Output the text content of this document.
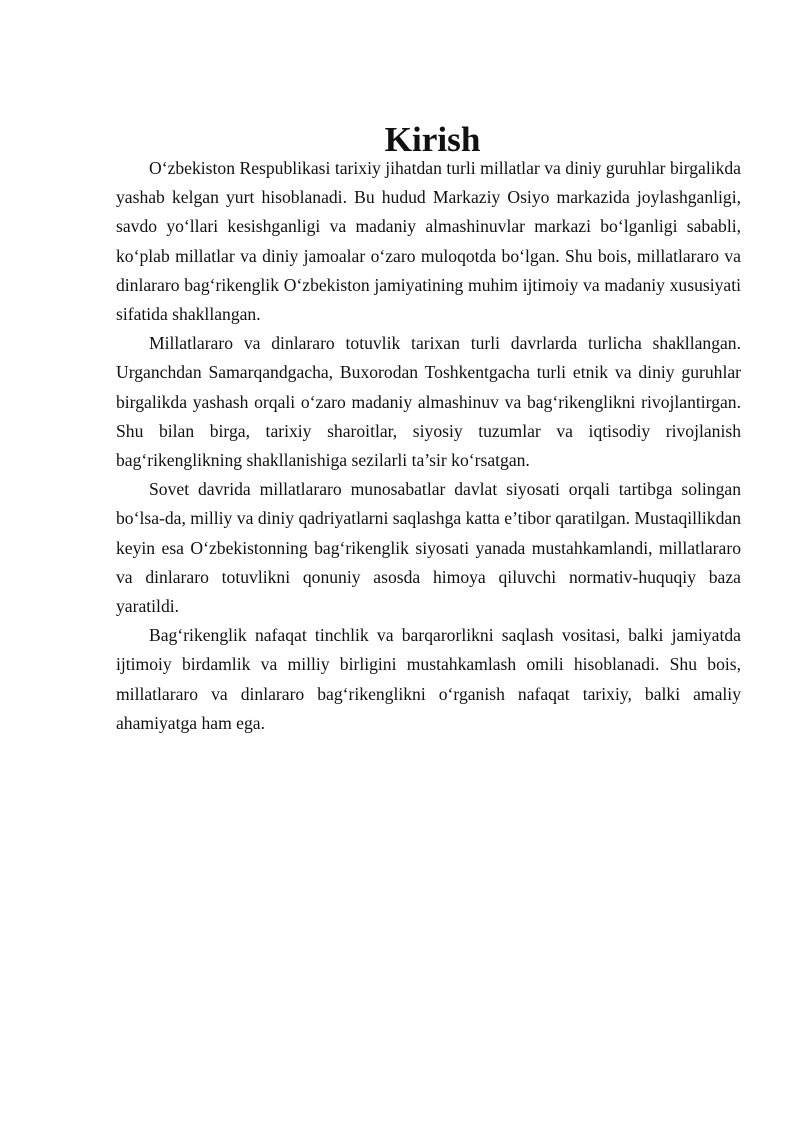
Kirish

O‘zbekiston Respublikasi tarixiy jihatdan turli millatlar va diniy guruhlar birgalikda yashab kelgan yurt hisoblanadi. Bu hudud Markaziy Osiyo markazida joylashganligi, savdo yo‘llari kesishganligi va madaniy almashinuvlar markazi bo‘lganligi sababli, ko‘plab millatlar va diniy jamoalar o‘zaro muloqotda bo‘lgan. Shu bois, millatlararo va dinlararo bag‘rikenglik O‘zbekiston jamiyatining muhim ijtimoiy va madaniy xususiyati sifatida shakllangan.

Millatlararo va dinlararo totuvlik tarixan turli davrlarda turlicha shakllangan. Urganchdan Samarqandgacha, Buxorodan Toshkentgacha turli etnik va diniy guruhlar birgalikda yashash orqali o‘zaro madaniy almashinuv va bag‘rikenglikni rivojlantirgan. Shu bilan birga, tarixiy sharoitlar, siyosiy tuzumlar va iqtisodiy rivojlanish bag‘rikenglikning shakllanishiga sezilarli ta’sir ko‘rsatgan.

Sovet davrida millatlararo munosabatlar davlat siyosati orqali tartibga solingan bo‘lsa-da, milliy va diniy qadriyatlarni saqlashga katta e’tibor qaratilgan. Mustaqillikdan keyin esa O‘zbekistonning bag‘rikenglik siyosati yanada mustahkamlandi, millatlararo va dinlararo totuvlikni qonuniy asosda himoya qiluvchi normativ-huquqiy baza yaratildi.

Bag‘rikenglik nafaqat tinchlik va barqarorlikni saqlash vositasi, balki jamiyatda ijtimoiy birdamlik va milliy birligini mustahkamlash omili hisoblanadi. Shu bois, millatlararo va dinlararo bag‘rikenglikni o‘rganish nafaqat tarixiy, balki amaliy ahamiyatga ham ega.
